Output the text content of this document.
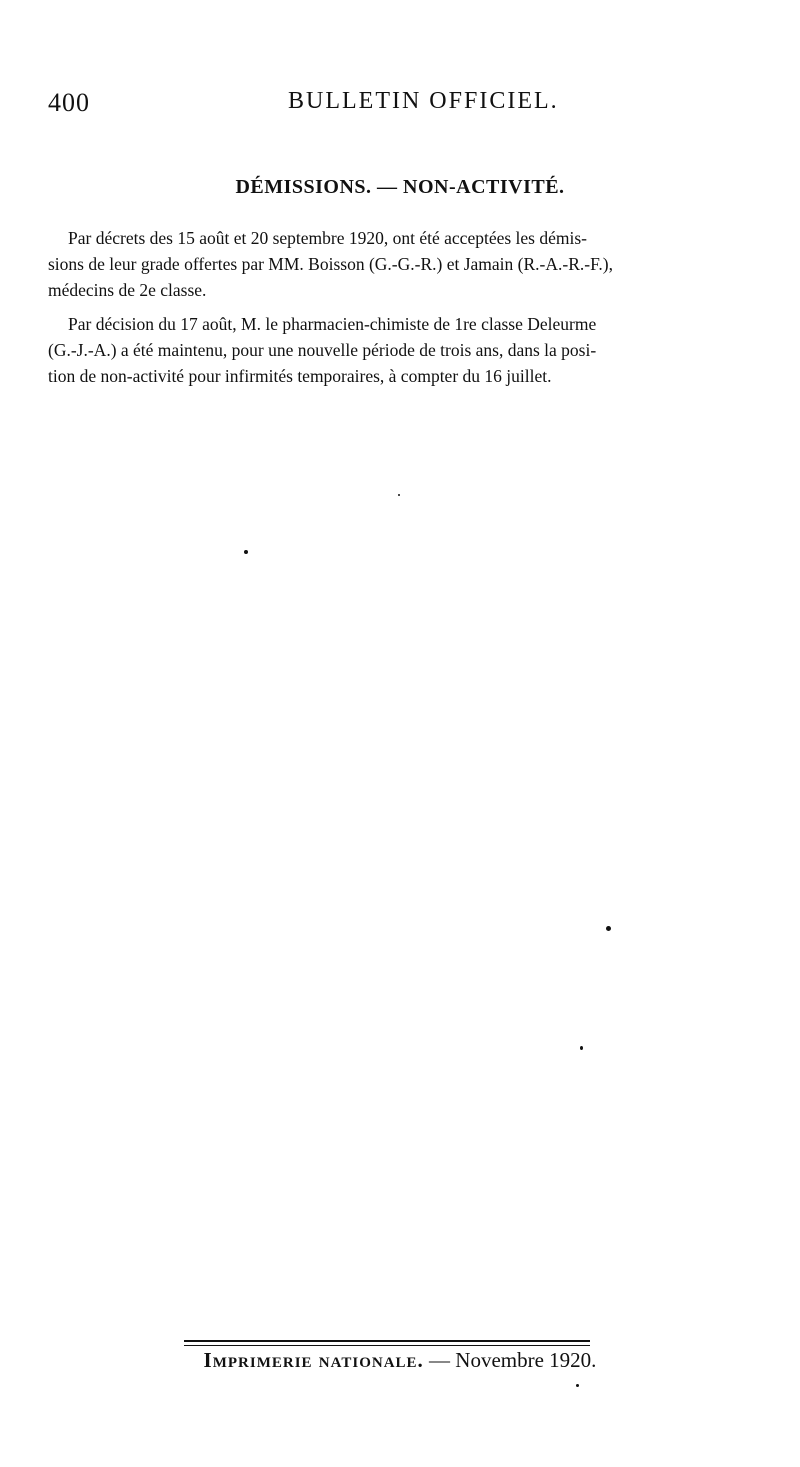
400	BULLETIN OFFICIEL.
DÉMISSIONS. — NON-ACTIVITÉ.
Par décrets des 15 août et 20 septembre 1920, ont été acceptées les démis-
sions de leur grade offertes par MM. Boisson (G.-G.-R.) et Jamain (R.-A.-R.-F.),
médecins de 2e classe.
Par décision du 17 août, M. le pharmacien-chimiste de 1re classe Deleurme
(G.-J.-A.) a été maintenu, pour une nouvelle période de trois ans, dans la posi-
tion de non-activité pour infirmités temporaires, à compter du 16 juillet.
Imprimerie nationale. — Novembre 1920.
